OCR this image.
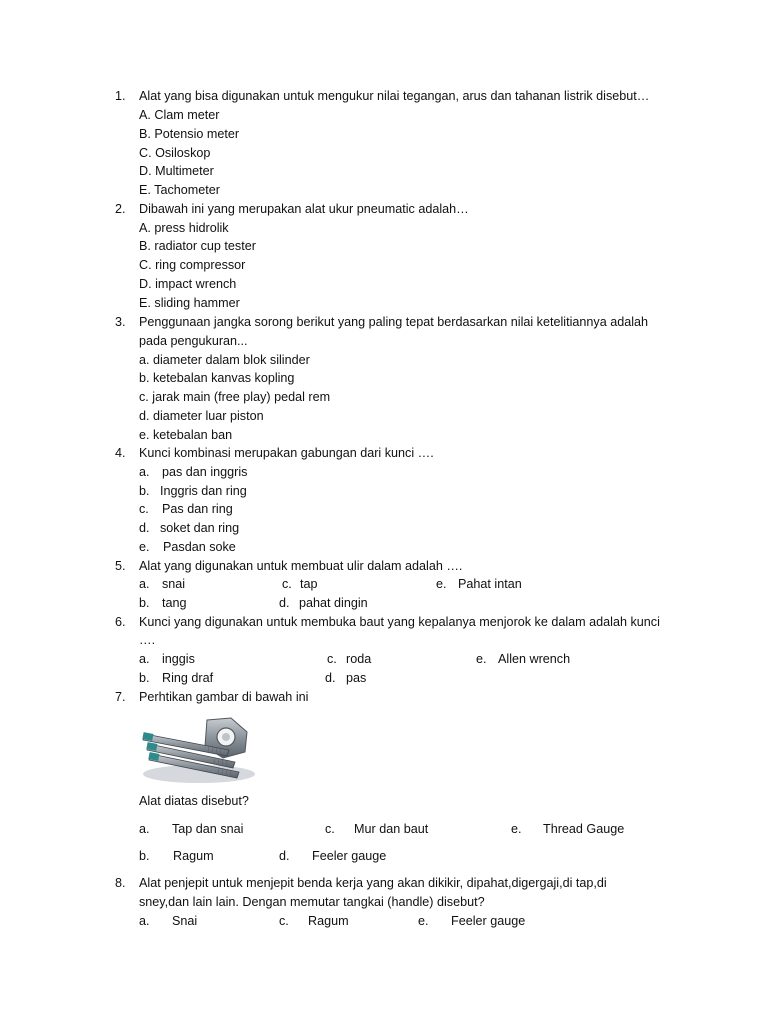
1. Alat yang bisa digunakan untuk mengukur nilai tegangan, arus dan tahanan listrik disebut…
A. Clam meter
B. Potensio meter
C. Osiloskop
D. Multimeter
E. Tachometer
2. Dibawah ini yang merupakan alat ukur pneumatic adalah…
A. press hidrolik
B. radiator cup tester
C. ring compressor
D. impact wrench
E. sliding hammer
3. Penggunaan jangka sorong berikut yang paling tepat berdasarkan nilai ketelitiannya adalah
pada pengukuran...
a. diameter dalam blok silinder
b. ketebalan kanvas kopling
c. jarak main (free play) pedal rem
d. diameter luar piston
e. ketebalan ban
4. Kunci kombinasi merupakan gabungan dari kunci ….
a. pas dan inggris
b. Inggris dan ring
c. Pas dan ring
d. soket dan ring
e. Pasdan soke
5. Alat yang digunakan untuk membuat ulir dalam adalah ….
a. snai	c. tap	e. Pahat intan
b. tang	d. pahat dingin
6. Kunci yang digunakan untuk membuka baut yang kepalanya menjorok ke dalam adalah kunci
….
a. inggis	c. roda	e. Allen wrench
b. Ring draf	d. pas
7. Perhtikan gambar di bawah ini
Alat diatas disebut?
a. Tap dan snai	c. Mur dan baut	e. Thread Gauge
b. Ragum	d. Feeler gauge
8. Alat penjepit untuk menjepit benda kerja yang akan dikikir, dipahat,digergaji,di tap,di
sney,dan lain lain. Dengan memutar tangkai (handle) disebut?
a. Snai	c. Ragum	e. Feeler gauge
